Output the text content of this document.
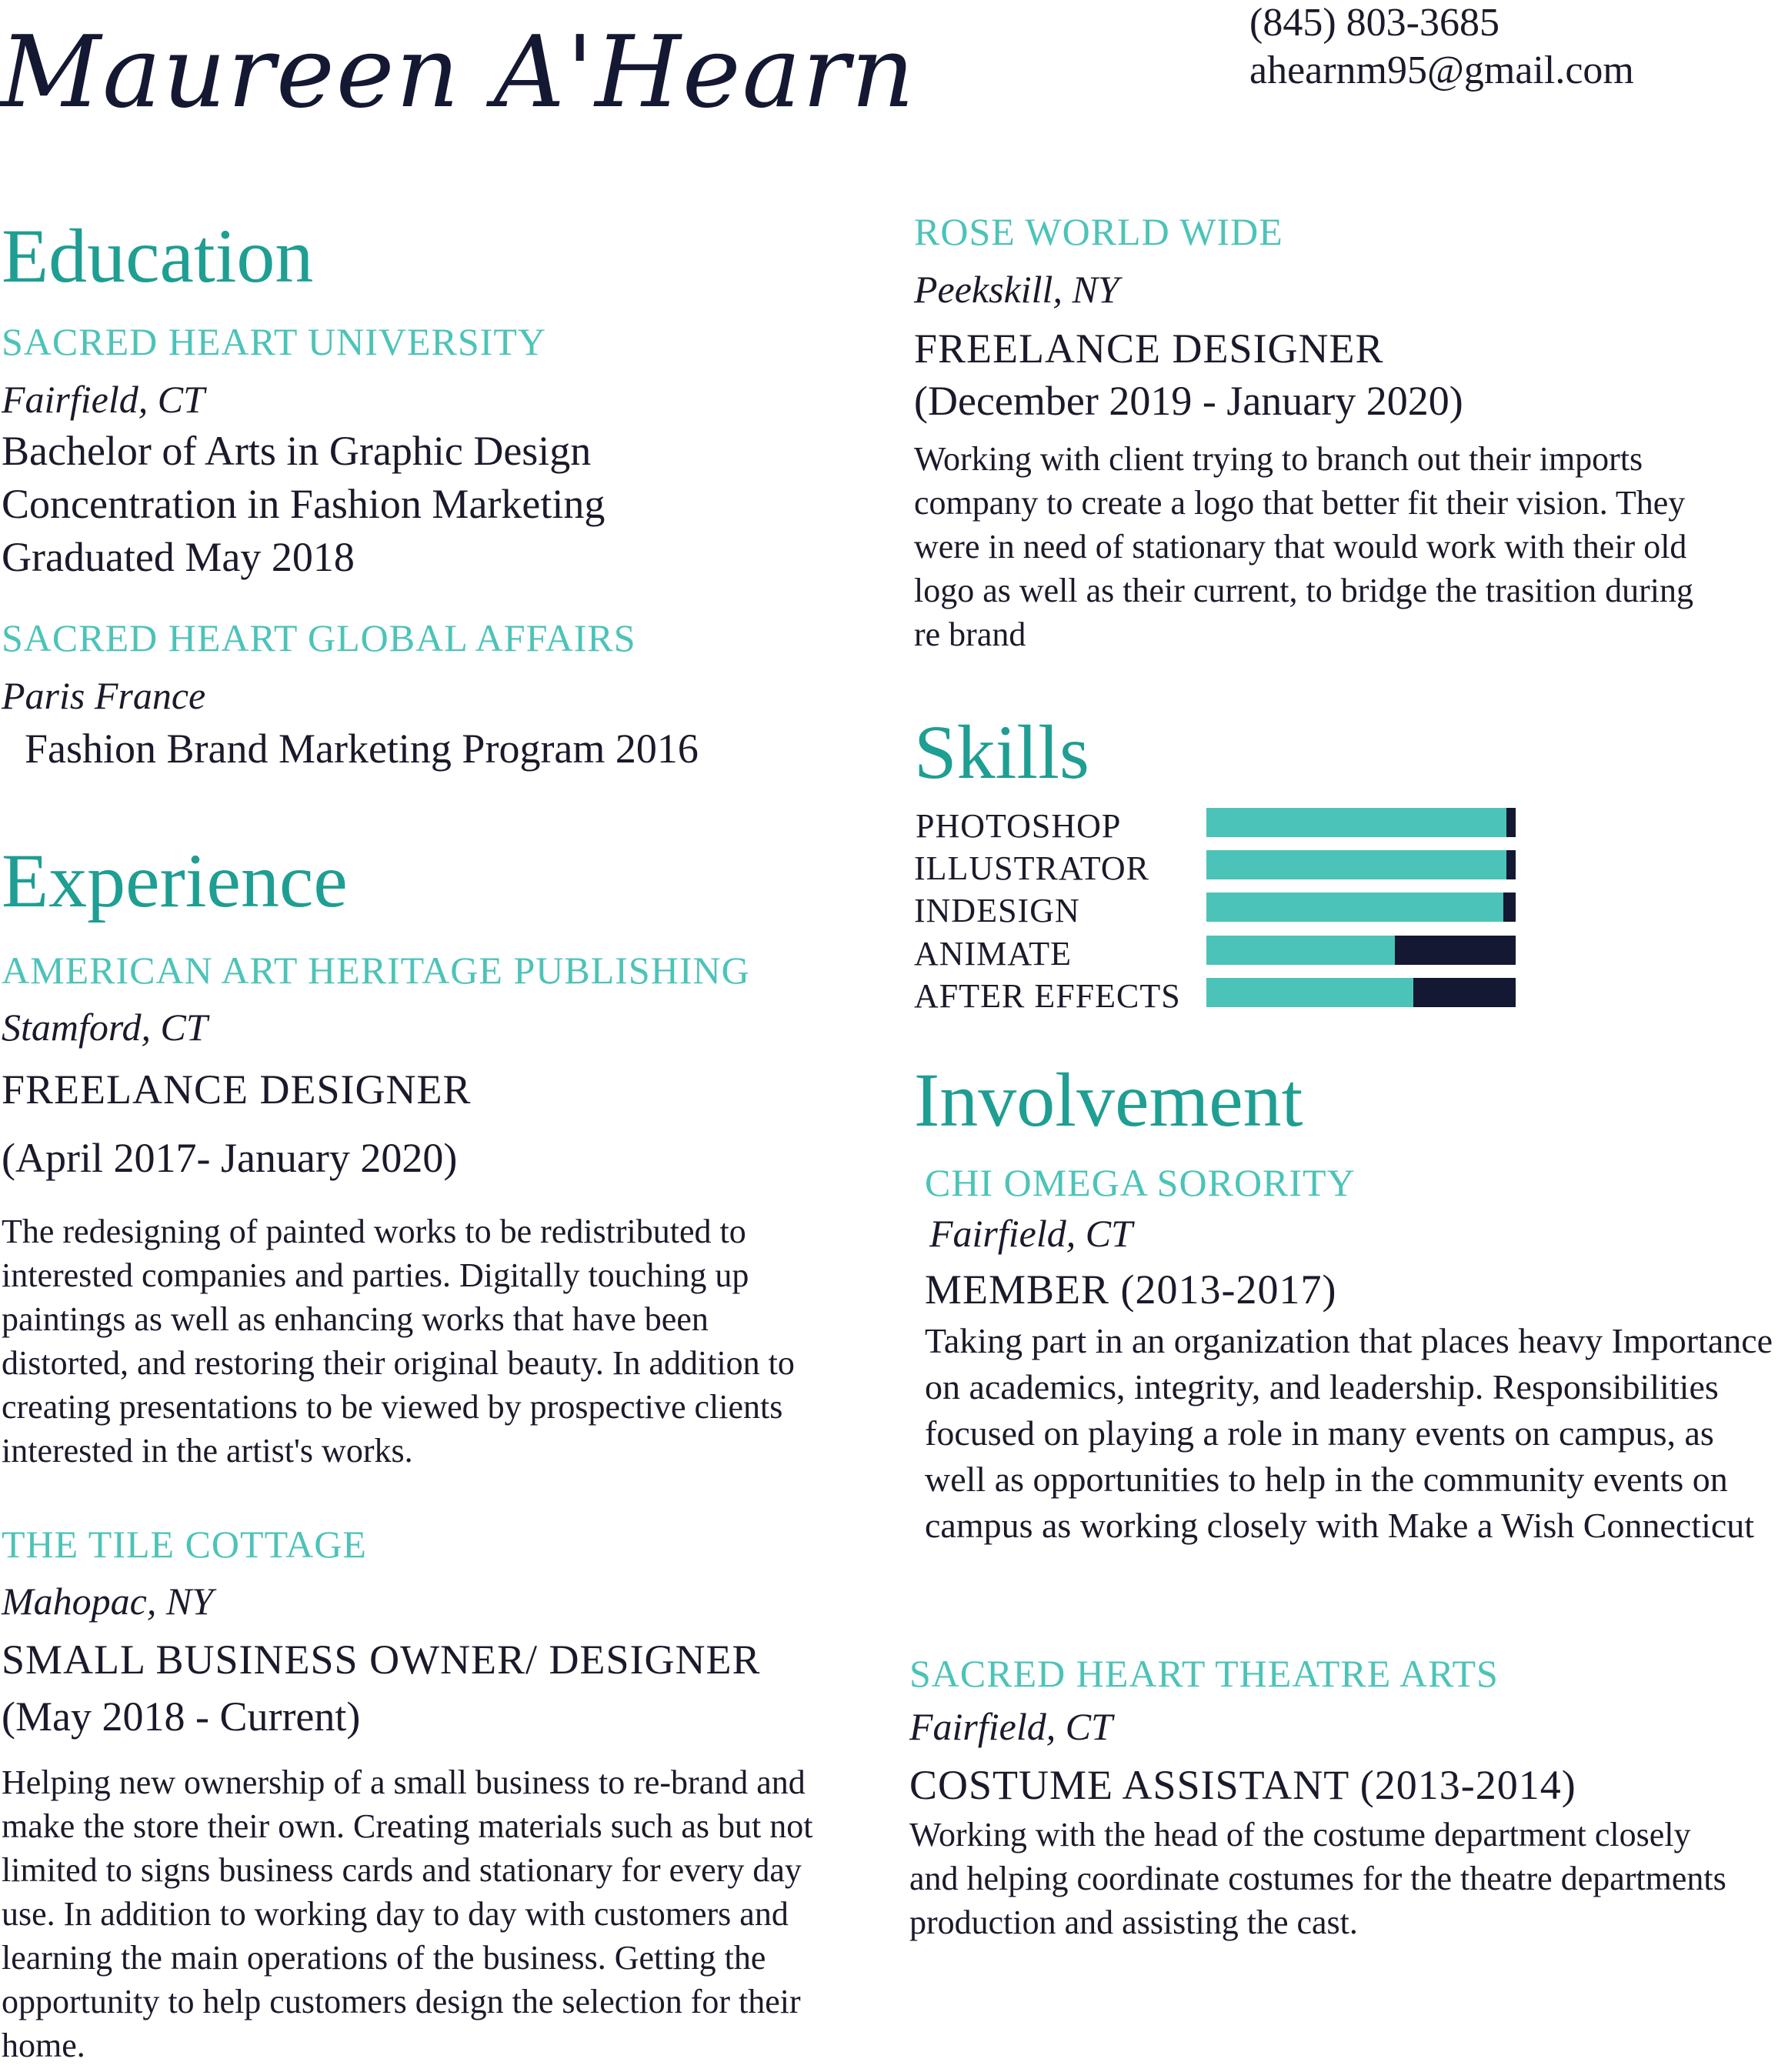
Maureen A'Hearn	(845) 803-3685
ahearnm95@gmail.com
Education
SACRED HEART UNIVERSITY
Fairfield, CT
Bachelor of Arts in Graphic Design
Concentration in Fashion Marketing
Graduated May 2018
SACRED HEART GLOBAL AFFAIRS
Paris France
Fashion Brand Marketing Program 2016
Experience
AMERICAN ART HERITAGE PUBLISHING
Stamford, CT
FREELANCE DESIGNER
(April 2017- January 2020)
The redesigning of painted works to be redistributed to interested companies and parties. Digitally touching up paintings as well as enhancing works that have been distorted, and restoring their original beauty. In addition to creating presentations to be viewed by prospective clients interested in the artist's works.
THE TILE COTTAGE
Mahopac, NY
SMALL BUSINESS OWNER/ DESIGNER
(May 2018 - Current)
Helping new ownership of a small business to re-brand and make the store their own. Creating materials such as but not limited to signs business cards and stationary for every day use. In addition to working day to day with customers and learning the main operations of the business. Getting the opportunity to help customers design the selection for their home.
ROSE WORLD WIDE
Peekskill, NY
FREELANCE DESIGNER
(December 2019 - January 2020)
Working with client trying to branch out their imports company to create a logo that better fit their vision. They were in need of stationary that would work with their old logo as well as their current, to bridge the trasition during re brand
Skills
PHOTOSHOP
ILLUSTRATOR
INDESIGN
ANIMATE
AFTER EFFECTS
Involvement
CHI OMEGA SORORITY
Fairfield, CT
MEMBER (2013-2017)
Taking part in an organization that places heavy Importance on academics, integrity, and leadership. Responsibilities focused on playing a role in many events on campus, as well as opportunities to help in the community events on campus as working closely with Make a Wish Connecticut
SACRED HEART THEATRE ARTS
Fairfield, CT
COSTUME ASSISTANT (2013-2014)
Working with the head of the costume department closely and helping coordinate costumes for the theatre departments production and assisting the cast.
